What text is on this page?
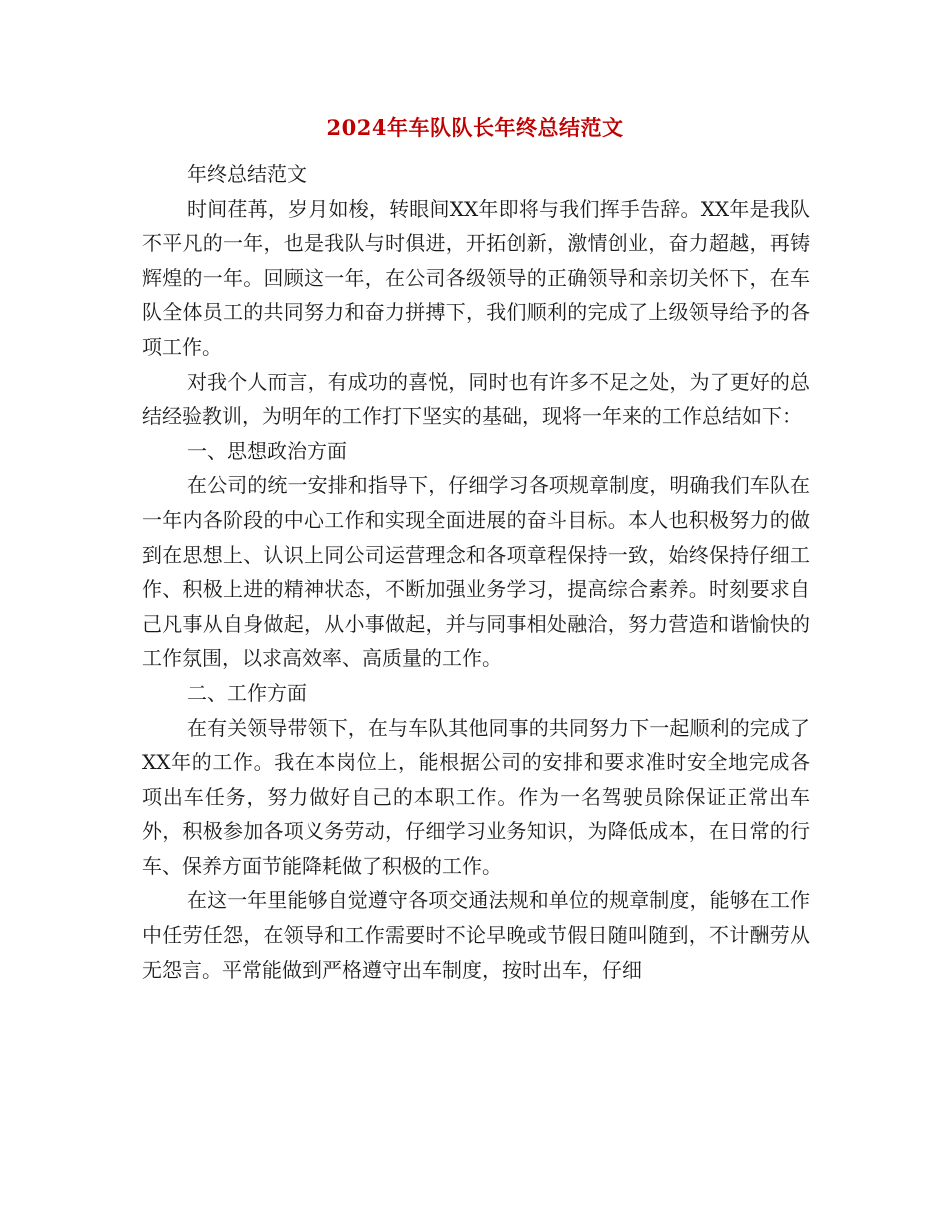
2024年车队队长年终总结范文

年终总结范文

时间荏苒，岁月如梭，转眼间XX年即将与我们挥手告辞。XX年是我队不平凡的一年，也是我队与时俱进，开拓创新，激情创业，奋力超越，再铸辉煌的一年。回顾这一年，在公司各级领导的正确领导和亲切关怀下，在车队全体员工的共同努力和奋力拼搏下，我们顺利的完成了上级领导给予的各项工作。

对我个人而言，有成功的喜悦，同时也有许多不足之处，为了更好的总结经验教训，为明年的工作打下坚实的基础，现将一年来的工作总结如下：

一、思想政治方面

在公司的统一安排和指导下，仔细学习各项规章制度，明确我们车队在一年内各阶段的中心工作和实现全面进展的奋斗目标。本人也积极努力的做到在思想上、认识上同公司运营理念和各项章程保持一致，始终保持仔细工作、积极上进的精神状态，不断加强业务学习，提高综合素养。时刻要求自己凡事从自身做起，从小事做起，并与同事相处融洽，努力营造和谐愉快的工作氛围，以求高效率、高质量的工作。

二、工作方面

在有关领导带领下，在与车队其他同事的共同努力下一起顺利的完成了XX年的工作。我在本岗位上，能根据公司的安排和要求准时安全地完成各项出车任务，努力做好自己的本职工作。作为一名驾驶员除保证正常出车外，积极参加各项义务劳动，仔细学习业务知识，为降低成本，在日常的行车、保养方面节能降耗做了积极的工作。

在这一年里能够自觉遵守各项交通法规和单位的规章制度，能够在工作中任劳任怨，在领导和工作需要时不论早晚或节假日随叫随到，不计酬劳从无怨言。平常能做到严格遵守出车制度，按时出车，仔细
